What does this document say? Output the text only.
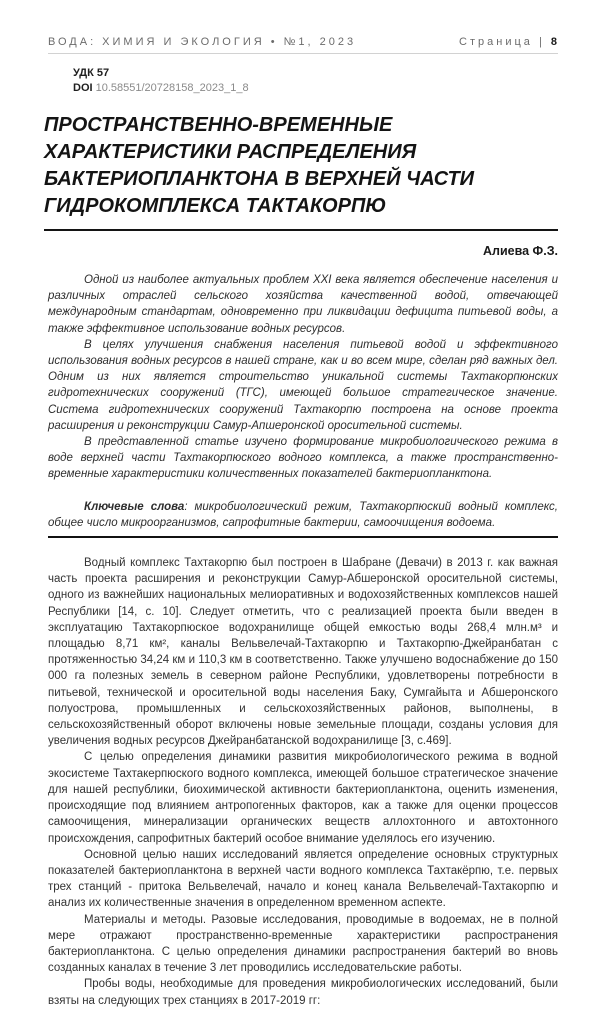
ВОДА: ХИМИЯ И ЭКОЛОГИЯ • №1, 2023	Страница | 8
УДК 57
DOI 10.58551/20728158_2023_1_8
ПРОСТРАНСТВЕННО-ВРЕМЕННЫЕ ХАРАКТЕРИСТИКИ РАСПРЕДЕЛЕНИЯ БАКТЕРИОПЛАНКТОНА В ВЕРХНЕЙ ЧАСТИ ГИДРОКОМПЛЕКСА ТАКТАКОРПЮ
Алиева Ф.З.

Одной из наиболее актуальных проблем XXI века является обеспечение населения и различных отраслей сельского хозяйства качественной водой, отвечающей международным стандартам, одновременно при ликвидации дефицита питьевой воды, а также эффективное использование водных ресурсов.

В целях улучшения снабжения населения питьевой водой и эффективного использования водных ресурсов в нашей стране, как и во всем мире, сделан ряд важных дел. Одним из них является строительство уникальной системы Тахтакорпюнских гидротехнических сооружений (ТГС), имеющей большое стратегическое значение. Система гидротехнических сооружений Тахтакорпю построена на основе проекта расширения и реконструкции Самур-Апшеронской оросительной системы.

В представленной статье изучено формирование микробиологического режима в воде верхней части Тахтакорпюского водного комплекса, а также пространственно-временные характеристики количественных показателей бактериопланктона.

Ключевые слова: микробиологический режим, Тахтакорпюский водный комплекс, общее число микроорганизмов, сапрофитные бактерии, самоочищения водоема.

Водный комплекс Тахтакорпю был построен в Шабране (Девачи) в 2013 г. как важная часть проекта расширения и реконструкции Самур-Абшеронской оросительной системы, одного из важнейших национальных мелиоративных и водохозяйственных комплексов нашей Республики [14, с. 10]. Следует отметить, что с реализацией проекта были введен в эксплуатацию Тахтакорпюское водохранилище общей емкостью воды 268,4 млн.м³ и площадью 8,71 км², каналы Вельвелечай-Тахтакорпю и Тахтакорпю-Джейранбатан с протяженностью 34,24 км и 110,3 км в соответственно. Также улучшено водоснабжение до 150 000 га полезных земель в северном районе Республики, удовлетворены потребности в питьевой, технической и оросительной воды населения Баку, Сумгайыта и Абшеронского полуострова, промышленных и сельскохозяйственных районов, выполнены, в сельскохозяйственный оборот включены новые земельные площади, созданы условия для увеличения водных ресурсов Джейранбатанской водохранилище [3, с.469].

С целью определения динамики развития микробиологического режима в водной экосистеме Тахтакерпюского водного комплекса, имеющей большое стратегическое значение для нашей республики, биохимической активности бактериопланктона, оценить изменения, происходящие под влиянием антропогенных факторов, как а также для оценки процессов самоочищения, минерализации органических веществ аллохтонного и автохтонного происхождения, сапрофитных бактерий особое внимание уделялось его изучению.

Основной целью наших исследований является определение основных структурных показателей бактериопланктона в верхней части водного комплекса Тахтакёрпю, т.е. первых трех станций - притока Вельвелечай, начало и конец канала Вельвелечай-Тахтакорпю и анализ их количественные значения в определенном временном аспекте.

Материалы и методы. Разовые исследования, проводимые в водоемах, не в полной мере отражают пространственно-временные характеристики распространения бактериопланктона. С целью определения динамики распространения бактерий во вновь созданных каналах в течение 3 лет проводились исследовательские работы.

Пробы воды, необходимые для проведения микробиологических исследований, были взяты на следующих трех станциях в 2017-2019 гг:
